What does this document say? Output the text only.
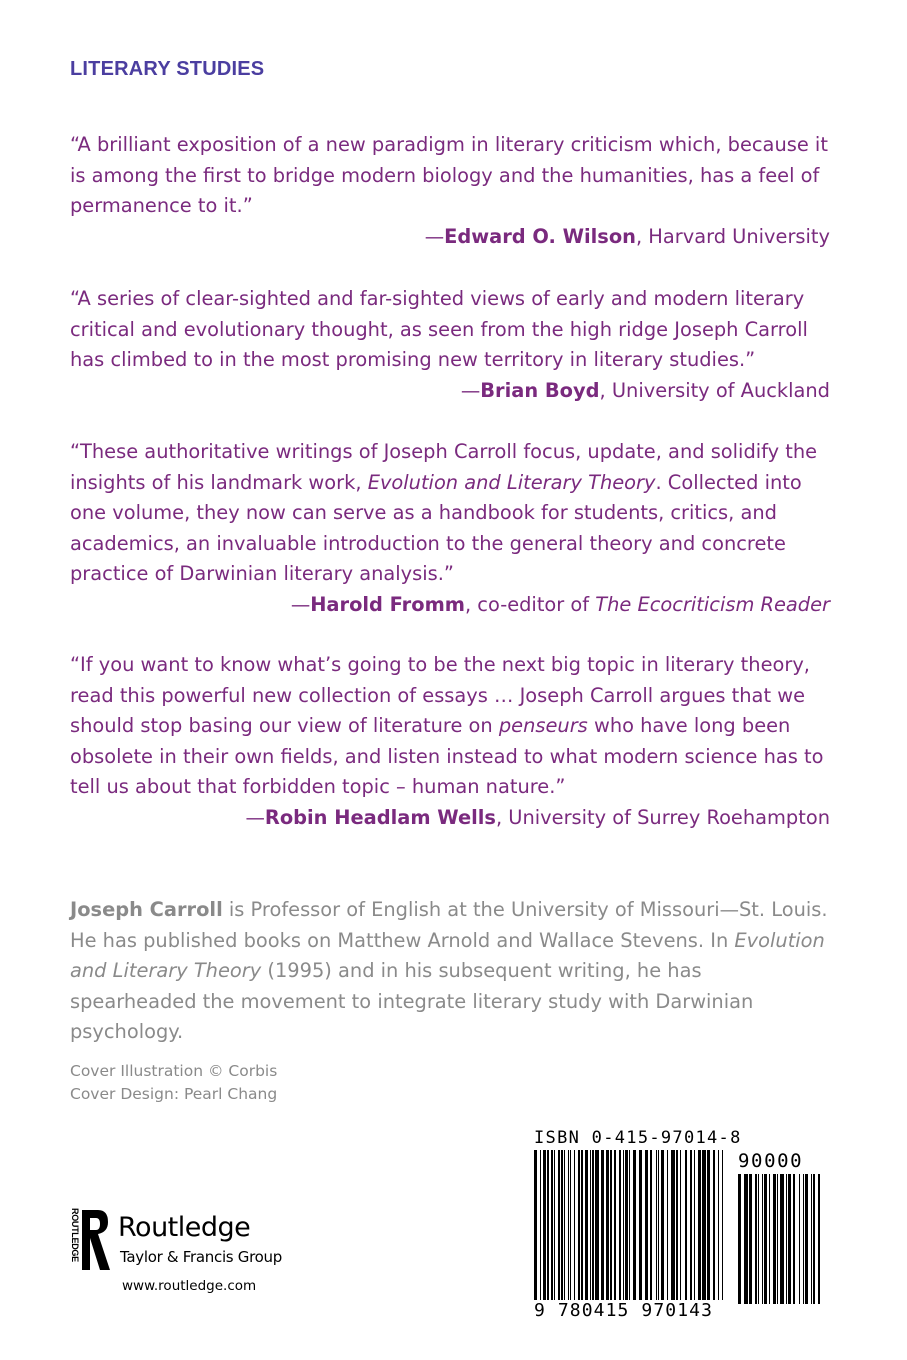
LITERARY STUDIES

“A brilliant exposition of a new paradigm in literary criticism which, because it is among the first to bridge modern biology and the humanities, has a feel of permanence to it.”

—Edward O. Wilson, Harvard University

“A series of clear-sighted and far-sighted views of early and modern literary critical and evolutionary thought, as seen from the high ridge Joseph Carroll has climbed to in the most promising new territory in literary studies.”

—Brian Boyd, University of Auckland

“These authoritative writings of Joseph Carroll focus, update, and solidify the insights of his landmark work, Evolution and Literary Theory. Collected into one volume, they now can serve as a handbook for students, critics, and academics, an invaluable introduction to the general theory and concrete practice of Darwinian literary analysis.”

—Harold Fromm, co-editor of The Ecocriticism Reader

“If you want to know what’s going to be the next big topic in literary theory, read this powerful new collection of essays … Joseph Carroll argues that we should stop basing our view of literature on penseurs who have long been obsolete in their own fields, and listen instead to what modern science has to tell us about that forbidden topic – human nature.”

—Robin Headlam Wells, University of Surrey Roehampton

Joseph Carroll is Professor of English at the University of Missouri—St. Louis. He has published books on Matthew Arnold and Wallace Stevens. In Evolution and Literary Theory (1995) and in his subsequent writing, he has spearheaded the movement to integrate literary study with Darwinian psychology.

Cover Illustration © Corbis
Cover Design: Pearl Chang
ROUTLEDGE Routledge
Taylor & Francis Group
www.routledge.com
ISBN 0-415-97014-8
90000
9 780415 970143
